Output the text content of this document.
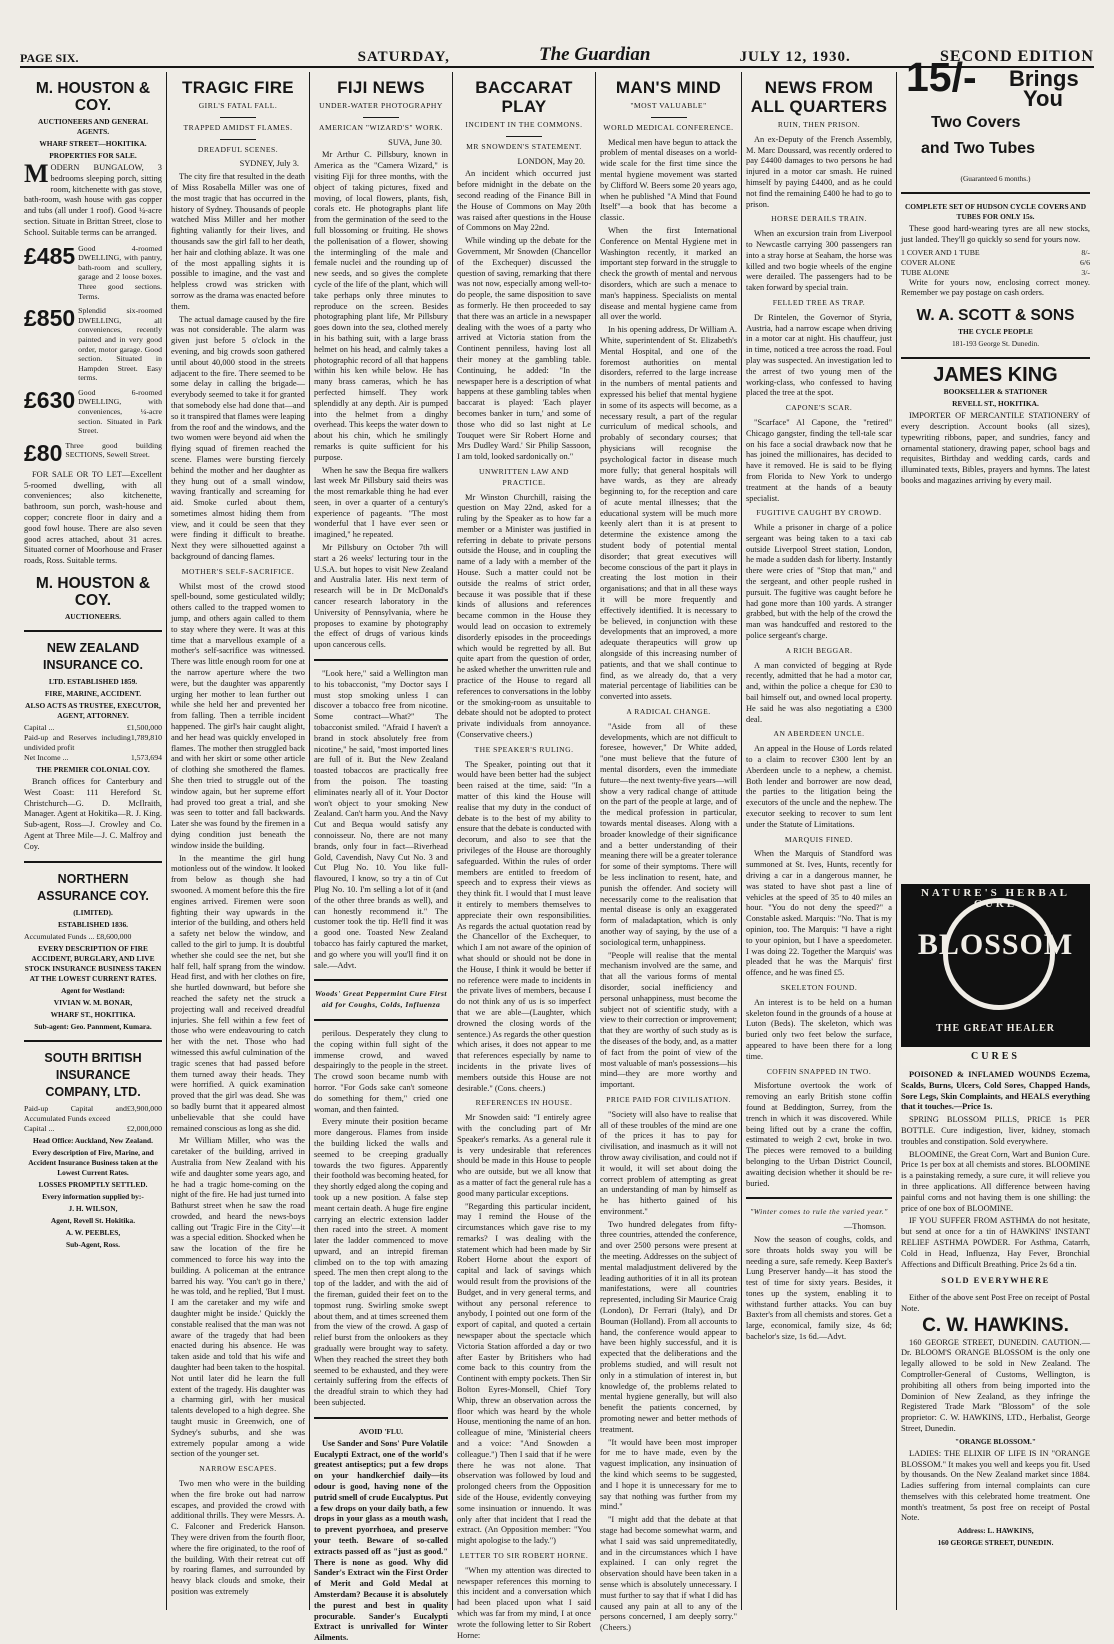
PAGE SIX.	SATURDAY,	The Guardian	JULY 12, 1930.	SECOND EDITION
M. HOUSTON & COY.
AUCTIONEERS AND GENERAL AGENTS.
WHARF STREET—HOKITIKA.
PROPERTIES FOR SALE.
MODERN BUNGALOW, 3 bedrooms sleeping porch, sitting room, kitchenette with gas stove, bath-room, wash house with gas copper and tubs (all under 1 roof). Good ¼-acre section. Situate in Brittan Street, close to School. Suitable terms can be arranged.
£485 Good 4-roomed DWELLING, with pantry, bath-room and scullery, garage and 2 loose boxes. Three good sections. Terms.
£850 Splendid six-roomed DWELLING, all conveniences, recently painted and in very good order, motor garage. Good section. Situated in Hampden Street. Easy terms.
£630 Good 6-roomed DWELLING, with conveniences, ¼-acre section. Situated in Park Street.
£80 Three good building SECTIONS, Sewell Street.

FOR SALE OR TO LET—Excellent 5-roomed dwelling, with all conveniences; also kitchenette, bathroom, sun porch, wash-house and copper; concrete floor in dairy and a good fowl house. There are also seven good acres attached, about 31 acres. Situated corner of Moorhouse and Fraser roads, Ross. Suitable terms.

M. HOUSTON & COY.
AUCTIONEERS.
NEW ZEALAND INSURANCE CO.
LTD. ESTABLISHED 1859.
FIRE, MARINE, ACCIDENT.
ALSO ACTS AS TRUSTEE, EXECUTOR, AGENT, ATTORNEY.
Capital ...	£1,500,000
Paid-up and Reserves including undivided profit
1,789,810
Net Income ...	1,573,694
THE PREMIER COLONIAL COY.

Branch offices for Canterbury and West Coast: 111 Hereford St. Christchurch—G. D. McIlraith, Manager. Agent at Hokitika—R. J. King. Sub-agent, Ross—J. Crowley and Co. Agent at Three Mile—J. C. Malfroy and Coy.

NORTHERN ASSURANCE COY.
(LIMITED).
ESTABLISHED 1836.
Accumulated Funds ... £8,600,000
EVERY DESCRIPTION OF FIRE ACCIDENT, BURGLARY, AND LIVE STOCK INSURANCE BUSINESS TAKEN AT THE LOWEST CURRENT RATES.
Agent for Westland:
VIVIAN W. M. BONAR,
WHARF ST., HOKITIKA.
Sub-agent: Geo. Pannment, Kumara.
SOUTH BRITISH INSURANCE COMPANY, LTD.
Paid-up Capital and Accumulated Funds exceed
£3,900,000
Capital ...	£2,000,000
Head Office: Auckland, New Zealand.
Every description of Fire, Marine, and Accident Insurance Business taken at the Lowest Current Rates.
LOSSES PROMPTLY SETTLED.
Every information supplied by:-
J. H. WILSON,
Agent, Revell St. Hokitika.
A. W. PEEBLES,
Sub-Agent, Ross.
TRAGIC FIRE
GIRL'S FATAL FALL.
TRAPPED AMIDST FLAMES.
DREADFUL SCENES.
SYDNEY, July 3.

The city fire that resulted in the death of Miss Rosabella Miller was one of the most tragic that has occurred in the history of Sydney. Thousands of people watched Miss Miller and her mother fighting valiantly for their lives, and thousands saw the girl fall to her death, her hair and clothing ablaze. It was one of the most appalling sights it is possible to imagine, and the vast and helpless crowd was stricken with sorrow as the drama was enacted before them.

The actual damage caused by the fire was not considerable. The alarm was given just before 5 o'clock in the evening, and big crowds soon gathered until about 40,000 stood in the streets adjacent to the fire. There seemed to be some delay in calling the brigade—everybody seemed to take it for granted that somebody else had done that—and so it transpired that flames were leaping from the roof and the windows, and the two women were beyond aid when the flying squad of firemen reached the scene. Flames were bursting fiercely behind the mother and her daughter as they hung out of a small window, waving frantically and screaming for aid. Smoke curled about them, sometimes almost hiding them from view, and it could be seen that they were finding it difficult to breathe. Next they were silhouetted against a background of dancing flames.

MOTHER'S SELF-SACRIFICE.

Whilst most of the crowd stood spell-bound, some gesticulated wildly; others called to the trapped women to jump, and others again called to them to stay where they were. It was at this time that a marvellous example of a mother's self-sacrifice was witnessed. There was little enough room for one at the narrow aperture where the two were, but the daughter was apparently urging her mother to lean further out while she held her and prevented her from falling. Then a terrible incident happened. The girl's hair caught alight, and her head was quickly enveloped in flames. The mother then struggled back and with her skirt or some other article of clothing she smothered the flames. She then tried to struggle out of the window again, but her supreme effort had proved too great a trial, and she was seen to totter and fall backwards. Later she was found by the firemen in a dying condition just beneath the window inside the building.

In the meantime the girl hung motionless out of the window. It looked from below as though she had swooned. A moment before this the fire engines arrived. Firemen were soon fighting their way upwards in the interior of the building, and others held a safety net below the window, and called to the girl to jump. It is doubtful whether she could see the net, but she half fell, half sprang from the window. Head first, and with her clothes on fire, she hurtled downward, but before she reached the safety net the struck a projecting wall and received dreadful injuries. She fell within a few feet of those who were endeavouring to catch her with the net. Those who had witnessed this awful culmination of the tragic scenes that had passed before them turned away their heads. They were horrified. A quick examination proved that the girl was dead. She was so badly burnt that it appeared almost unbelievable that she could have remained conscious as long as she did.

Mr William Miller, who was the caretaker of the building, arrived in Australia from New Zealand with his wife and daughter some years ago, and he had a tragic home-coming on the night of the fire. He had just turned into Bathurst street when he saw the road crowded, and heard the news-boys calling out 'Tragic Fire in the City'—it was a special edition. Shocked when he saw the location of the fire he commenced to force his way into the building. A policeman at the entrance barred his way. 'You can't go in there,' he was told, and he replied, 'But I must. I am the caretaker and my wife and daughter might be inside.' Quickly the constable realised that the man was not aware of the tragedy that had been enacted during his absence. He was taken aside and told that his wife and daughter had been taken to the hospital. Not until later did he learn the full extent of the tragedy. His daughter was a charming girl, with her musical talents developed to a high degree. She taught music in Greenwich, one of Sydney's suburbs, and she was extremely popular among a wide section of the younger set.

NARROW ESCAPES.

Two men who were in the building when the fire broke out had narrow escapes, and provided the crowd with additional thrills. They were Messrs. A. C. Falconer and Frederick Hanson. They were driven from the fourth floor, where the fire originated, to the roof of the building. With their retreat cut off by roaring flames, and surrounded by heavy black clouds and smoke, their position was extremely

FIJI NEWS
UNDER-WATER PHOTOGRAPHY
AMERICAN "WIZARD'S" WORK.
SUVA, June 30.

Mr Arthur C. Pillsbury, known in America as the "Camera Wizard," is visiting Fiji for three months, with the object of taking pictures, fixed and moving, of local flowers, plants, fish, corals etc. He photographs plant life from the germination of the seed to the full blossoming or fruiting. He shows the pollenisation of a flower, showing the intermingling of the male and female nuclei and the rounding up of new seeds, and so gives the complete cycle of the life of the plant, which will take perhaps only three minutes to reproduce on the screen. Besides photographing plant life, Mr Pillsbury goes down into the sea, clothed merely in his bathing suit, with a large brass helmet on his head, and calmly takes a photographic record of all that happens within his ken while below. He has many brass cameras, which he has perfected himself. They work splendidly at any depth. Air is pumped into the helmet from a dinghy overhead. This keeps the water down to about his chin, which he smilingly remarks is quite sufficient for his purpose.

When he saw the Bequa fire walkers last week Mr Pillsbury said theirs was the most remarkable thing he had ever seen, in over a quarter of a century's experience of pageants. "The most wonderful that I have ever seen or imagined," he repeated.

Mr Pillsbury on October 7th will start a 26 weeks' lecturing tour in the U.S.A. but hopes to visit New Zealand and Australia later. His next term of research will be in Dr McDonald's cancer research laboratory in the University of Pennsylvania, where he proposes to examine by photography the effect of drugs of various kinds upon cancerous cells.

"Look here," said a Wellington man to his tobacconist, "my Doctor says I must stop smoking unless I can discover a tobacco free from nicotine. Some contract—What?" The tobacconist smiled. "Afraid I haven't a brand in stock absolutely free from nicotine," he said, "most imported lines are full of it. But the New Zealand toasted tobaccos are practically free from the poison. The toasting eliminates nearly all of it. Your Doctor won't object to your smoking New Zealand. Can't harm you. And the Navy Cut and Bequa would satisfy any connoisseur. No, there are not many brands, only four in fact—Riverhead Gold, Cavendish, Navy Cut No. 3 and Cut Plug No. 10. You like full-flavoured, I know, so try a tin of Cut Plug No. 10. I'm selling a lot of it (and of the other three brands as well), and can honestly recommend it." The customer took the tip. He'll find it was a good one. Toasted New Zealand tobacco has fairly captured the market, and go where you will you'll find it on sale.—Advt.

Woods' Great Peppermint Cure First aid for Coughs, Colds, Influenza

perilous. Desperately they clung to the coping within full sight of the immense crowd, and waved despairingly to the people in the street. The crowd soon became numb with horror. "For Gods sake can't someone do something for them," cried one woman, and then fainted.

Every minute their position became more dangerous. Flames from inside the building licked the walls and seemed to be creeping gradually towards the two figures. Apparently their foothold was becoming heated, for they shortly edged along the coping and took up a new position. A false step meant certain death. A huge fire engine carrying an electric extension ladder then raced into the street. A moment later the ladder commenced to move upward, and an intrepid fireman climbed on to the top with amazing speed. The men then crept along to the top of the ladder, and with the aid of the fireman, guided their feet on to the topmost rung. Swirling smoke swept about them, and at times screened them from the view of the crowd. A gasp of relief burst from the onlookers as they gradually were brought way to safety. When they reached the street they both seemed to be exhausted, and they were certainly suffering from the effects of the dreadful strain to which they had been subjected.

AVOID 'FLU.

Use Sander and Sons' Pure Volatile Eucalypti Extract, one of the world's greatest antiseptics; put a few drops on your handkerchief daily—its odour is good, having none of the putrid smell of crude Eucalyptus. Put a few drops on your daily bath, a few drops in your glass as a mouth wash, to prevent pyorrhoea, and preserve your teeth. Beware of so-called extracts passed off as "just as good." There is none as good. Why did Sander's Extract win the First Order of Merit and Gold Medal at Amsterdam? Because it is absolutely the purest and best in quality procurable. Sander's Eucalypti Extract is unrivalled for Winter Ailments.

BACCARAT PLAY
INCIDENT IN THE COMMONS.
MR SNOWDEN'S STATEMENT.
LONDON, May 20.

An incident which occurred just before midnight in the debate on the second reading of the Finance Bill in the House of Commons on May 20th was raised after questions in the House of Commons on May 22nd.

While winding up the debate for the Government, Mr Snowden (Chancellor of the Exchequer) discussed the question of saving, remarking that there was not now, especially among well-to-do people, the same disposition to save as formerly. He then proceeded to say that there was an article in a newspaper dealing with the woes of a party who arrived at Victoria station from the Continent penniless, having lost all their money at the gambling table. Continuing, he added: "In the newspaper here is a description of what happens at these gambling tables when baccarat is played: 'Each player becomes banker in turn,' and some of those who did so last night at Le Touquet were Sir Robert Horne and Mrs Dudley Ward.' Sir Philip Sassoon, I am told, looked sardonically on."

UNWRITTEN LAW AND PRACTICE.

Mr Winston Churchill, raising the question on May 22nd, asked for a ruling by the Speaker as to how far a member or a Minister was justified in referring in debate to private persons outside the House, and in coupling the name of a lady with a member of the House. Such a matter could not be outside the realms of strict order, because it was possible that if these kinds of allusions and references became common in the House they would lead on occasion to extremely disorderly episodes in the proceedings which would be regretted by all. But quite apart from the question of order, he asked whether the unwritten rule and practice of the House to regard all references to conversations in the lobby or the smoking-room as unsuitable to debate should not be adopted to protect private individuals from annoyance. (Conservative cheers.)

THE SPEAKER'S RULING.

The Speaker, pointing out that it would have been better had the subject been raised at the time, said: "In a matter of this kind the House will realise that my duty in the conduct of debate is to the best of my ability to ensure that the debate is conducted with decorum, and also to see that the privileges of the House are thoroughly safeguarded. Within the rules of order members are entitled to freedom of speech and to express their views as they think fit. I would that I must leave it entirely to members themselves to appreciate their own responsibilities. As regards the actual quotation read by the Chancellor of the Exchequer, to which I am not aware of the opinion of what should or should not be done in the House, I think it would be better if no reference were made to incidents in the private lives of members, because I do not think any of us is so imperfect that we are able—(Laughter, which drowned the closing words of the sentence.) As regards the other question which arises, it does not appear to me that references especially by name to incidents in the private lives of members outside this House are not desirable." (Cons. cheers.)

REFERENCES IN HOUSE.

Mr Snowden said: "I entirely agree with the concluding part of Mr Speaker's remarks. As a general rule it is very undesirable that references should be made in this House to people who are outside, but we all know that as a matter of fact the general rule has a good many particular exceptions.

"Regarding this particular incident, may I remind the House of the circumstances which gave rise to my remarks? I was dealing with the statement which had been made by Sir Robert Horne about the export of capital and lack of savings which would result from the provisions of the Budget, and in very general terms, and without any personal reference to anybody, I pointed out one form of the export of capital, and quoted a certain newspaper about the spectacle which Victoria Station afforded a day or two after Easter by Britishers who had come back to this country from the Continent with empty pockets. Then Sir Bolton Eyres-Monsell, Chief Tory Whip, threw an observation across the floor which was heard by the whole House, mentioning the name of an hon. colleague of mine, 'Ministerial cheers and a voice: "And Snowden a colleague.") Then I said that if he were there he was not alone. That observation was followed by loud and prolonged cheers from the Opposition side of the House, evidently conveying some insinuation or innuendo. It was only after that incident that I read the extract. (An Opposition member: "You might apologise to the lady.")

LETTER TO SIR ROBERT HORNE.

"When my attention was directed to newspaper references this morning to this incident and a conversation which had been placed upon what I said which was far from my mind, I at once wrote the following letter to Sir Robert Horne:

MAN'S MIND
"MOST VALUABLE"
WORLD MEDICAL CONFERENCE.

Medical men have begun to attack the problem of mental diseases on a world-wide scale for the first time since the mental hygiene movement was started by Clifford W. Beers some 20 years ago, when he published "A Mind that Found Itself"—a book that has become a classic.

When the first International Conference on Mental Hygiene met in Washington recently, it marked an important step forward in the struggle to check the growth of mental and nervous disorders, which are such a menace to man's happiness. Specialists on mental disease and mental hygiene came from all over the world.

In his opening address, Dr William A. White, superintendent of St. Elizabeth's Mental Hospital, and one of the foremost authorities on mental disorders, referred to the large increase in the numbers of mental patients and expressed his belief that mental hygiene in some of its aspects will become, as a necessary result, a part of the regular curriculum of medical schools, and probably of secondary courses; that physicians will recognise the psychological factor in disease much more fully; that general hospitals will have wards, as they are already beginning to, for the reception and care of acute mental illnesses; that the educational system will be much more keenly alert than it is at present to determine the existence among the student body of potential mental disorder; that great executives will become conscious of the part it plays in creating the lost motion in their organisations; and that in all these ways it will be more frequently and effectively identified. It is necessary to be believed, in conjunction with these developments that an improved, a more adequate therapeutics will grow up alongside of this increasing number of patients, and that we shall continue to find, as we already do, that a very material percentage of liabilities can be converted into assets.

A RADICAL CHANGE.

"Aside from all of these developments, which are not difficult to foresee, however," Dr White added, "one must believe that the future of mental disorders, even the immediate future—the next twenty-five years—will show a very radical change of attitude on the part of the people at large, and of the medical profession in particular, towards mental diseases. Along with a broader knowledge of their significance and a better understanding of their meaning there will be a greater tolerance for some of their symptoms. There will be less inclination to resent, hate, and punish the offender. And society will necessarily come to the realisation that mental disease is only an exaggerated form of maladaptation, which is only another way of saying, by the use of a sociological term, unhappiness.

"People will realise that the mental mechanism involved are the same, and that all the various forms of mental disorder, social inefficiency and personal unhappiness, must become the subject not of scientific study, with a view to their correction or improvement; that they are worthy of such study as is the diseases of the body, and, as a matter of fact from the point of view of the most valuable of man's possessions—his mind—they are more worthy and important.

PRICE PAID FOR CIVILISATION.

"Society will also have to realise that all of these troubles of the mind are one of the prices it has to pay for civilisation, and inasmuch as it will not throw away civilisation, and could not if it would, it will set about doing the correct problem of attempting as great an understanding of man by himself as he has hitherto gained of his environment."

Two hundred delegates from fifty-three countries, attended the conference, and over 2500 persons were present at the meeting. Addresses on the subject of mental maladjustment delivered by the leading authorities of it in all its protean manifestations, were all countries represented, including Sir Maurice Craig (London), Dr Ferrari (Italy), and Dr Bouman (Holland). From all accounts to hand, the conference would appear to have been highly successful, and it is expected that the deliberations and the problems studied, and will result not only in a stimulation of interest in, but knowledge of, the problems related to mental hygiene generally, but will also benefit the patients concerned, by promoting newer and better methods of treatment.

"It would have been most improper for me to have made, even by the vaguest implication, any insinuation of the kind which seems to be suggested, and I hope it is unnecessary for me to say that nothing was further from my mind."

"I might add that the debate at that stage had become somewhat warm, and what I said was said unpremeditatedly, and in the circumstances which I have explained. I can only regret the observation should have been taken in a sense which is absolutely unnecessary. I must further to say that if what I did has caused any pain at all to any of the persons concerned, I am deeply sorry." (Cheers.)

NEWS FROM ALL QUARTERS
RUIN, THEN PRISON.

An ex-Deputy of the French Assembly, M. Marc Doussard, was recently ordered to pay £4400 damages to two persons he had injured in a motor car smash. He ruined himself by paying £4400, and as he could not find the remaining £400 he had to go to prison.

HORSE DERAILS TRAIN.

When an excursion train from Liverpool to Newcastle carrying 300 passengers ran into a stray horse at Seaham, the horse was killed and two bogie wheels of the engine were derailed. The passengers had to be taken forward by special train.

FELLED TREE AS TRAP.

Dr Rintelen, the Governor of Styria, Austria, had a narrow escape when driving in a motor car at night. His chauffeur, just in time, noticed a tree across the road. Foul play was suspected. An investigation led to the arrest of two young men of the working-class, who confessed to having placed the tree at the spot.

CAPONE'S SCAR.

"Scarface" Al Capone, the "retired" Chicago gangster, finding the tell-tale scar on his face a social drawback now that he has joined the millionaires, has decided to have it removed. He is said to be flying from Florida to New York to undergo treatment at the hands of a beauty specialist.

FUGITIVE CAUGHT BY CROWD.

While a prisoner in charge of a police sergeant was being taken to a taxi cab outside Liverpool Street station, London, he made a sudden dash for liberty. Instantly there were cries of "Stop that man," and the sergeant, and other people rushed in pursuit. The fugitive was caught before he had gone more than 100 yards. A stranger grabbed, but with the help of the crowd the man was handcuffed and restored to the police sergeant's charge.

A RICH BEGGAR.

A man convicted of begging at Ryde recently, admitted that he had a motor car, and, within the police a cheque for £30 to bail himself out, and owned local property. He said he was also negotiating a £300 deal.

AN ABERDEEN UNCLE.

An appeal in the House of Lords related to a claim to recover £300 lent by an Aberdeen uncle to a nephew, a chemist. Both lender and borrower are now dead, the parties to the litigation being the executors of the uncle and the nephew. The executor seeking to recover to sum lent under the Statute of Limitations.

MARQUIS FINED.

When the Marquis of Standford was summoned at St. Ives, Hunts, recently for driving a car in a dangerous manner, he was stated to have shot past a line of vehicles at the speed of 35 to 40 miles an hour. "You do not deny the speed?" a Constable asked. Marquis: "No. That is my opinion, too. The Marquis: "I have a right to your opinion, but I have a speedometer. I was doing 22. Together the Marquis' was pleaded that he was the Marquis' first offence, and he was fined £5.

SKELETON FOUND.

An interest is to be held on a human skeleton found in the grounds of a house at Luton (Beds). The skeleton, which was buried only two feet below the surface, appeared to have been there for a long time.

COFFIN SNAPPED IN TWO.

Misfortune overtook the work of removing an early British stone coffin found at Beddington, Surrey, from the trench in which it was discovered. While being lifted out by a crane the coffin, estimated to weigh 2 cwt, broke in two. The pieces were removed to a building belonging to the Urban District Council, awaiting decision whether it should be re-buried.

"Winter comes to rule the varied year."
—Thomson.

Now the season of coughs, colds, and sore throats holds sway you will be needing a sure, safe remedy. Keep Baxter's Lung Preserver handy—it has stood the test of time for sixty years. Besides, it tones up the system, enabling it to withstand further attacks. You can buy Baxter's from all chemists and stores. Get a large, economical, family size, 4s 6d; bachelor's size, 1s 6d.—Advt.

15/- Brings
You
Two Covers
and Two Tubes
(Guaranteed 6 months.)
COMPLETE SET OF HUDSON CYCLE COVERS AND TUBES FOR ONLY 15s.

These good hard-wearing tyres are all new stocks, just landed. They'll go quickly so send for yours now.

1 COVER AND 1 TUBE	8/-
COVER ALONE	6/6
TUBE ALONE	3/-

Write for yours now, enclosing correct money. Remember we pay postage on cash orders.

W. A. SCOTT & SONS
THE CYCLE PEOPLE
181-193 George St. Dunedin.
JAMES KING
BOOKSELLER & STATIONER
REVELL ST., HOKITIKA.

IMPORTER OF MERCANTILE STATIONERY of every description. Account books (all sizes), typewriting ribbons, paper, and sundries, fancy and ornamental stationery, drawing paper, school bags and requisites, Birthday and wedding cards, cards and illuminated texts, Bibles, prayers and hymns. The latest books and magazines arriving by every mail.

NATURE'S HERBAL CURE
BLOSSOM
THE GREAT HEALER
CURES

POISONED & INFLAMED WOUNDS Eczema, Scalds, Burns, Ulcers, Cold Sores, Chapped Hands, Sore Legs, Skin Complaints, and HEALS everything that it touches.—Price 1s.

SPRING BLOSSOM PILLS, PRICE 1s PER BOTTLE. Cure indigestion, liver, kidney, stomach troubles and constipation. Sold everywhere.

BLOOMINE, the Great Corn, Wart and Bunion Cure. Price 1s per box at all chemists and stores. BLOOMINE is a painstaking remedy, a sure cure, it will relieve you in three applications. All difference between having painful corns and not having them is one shilling: the price of one box of BLOOMINE.

IF YOU SUFFER FROM ASTHMA do not hesitate, but send at once for a tin of HAWKINS' INSTANT RELIEF ASTHMA POWDER. For Asthma, Catarrh, Cold in Head, Influenza, Hay Fever, Bronchial Affections and Difficult Breathing. Price 2s 6d a tin.

SOLD EVERYWHERE

Either of the above sent Post Free on receipt of Postal Note.

C. W. HAWKINS.

160 GEORGE STREET, DUNEDIN. CAUTION.—Dr. BLOOM'S ORANGE BLOSSOM is the only one legally allowed to be sold in New Zealand. The Comptroller-General of Customs, Wellington, is prohibiting all others from being imported into the Dominion of New Zealand, as they infringe the Registered Trade Mark "Blossom" of the sole proprietor: C. W. HAWKINS, LTD., Herbalist, George Street, Dunedin.

"ORANGE BLOSSOM."

LADIES: THE ELIXIR OF LIFE IS IN "ORANGE BLOSSOM." It makes you well and keeps you fit. Used by thousands. On the New Zealand market since 1884. Ladies suffering from internal complaints can cure themselves with this celebrated home treatment. One month's treatment, 5s post free on receipt of Postal Note.

Address: L. HAWKINS,
160 GEORGE STREET, DUNEDIN.
